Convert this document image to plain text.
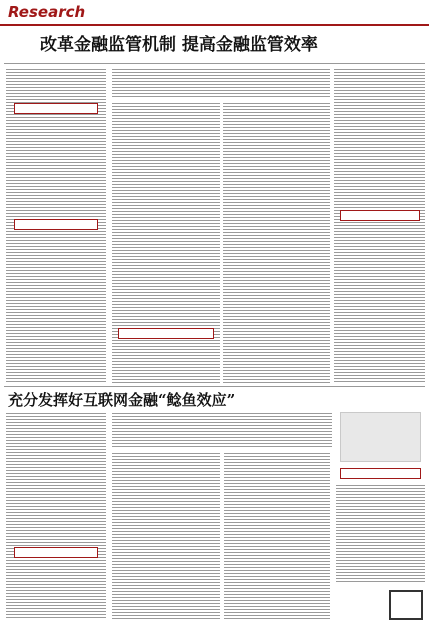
Research
改革金融监管机制 提高金融监管效率
充分发挥好互联网金融“鲶鱼效应”
